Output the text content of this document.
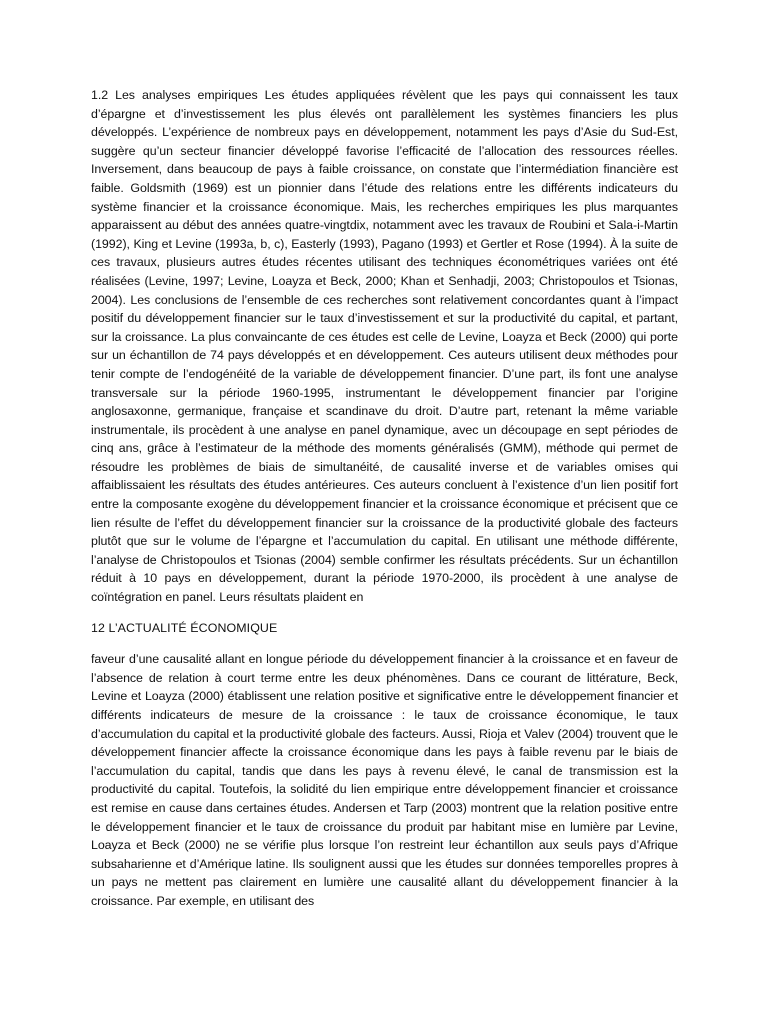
1.2 Les analyses empiriques Les études appliquées révèlent que les pays qui connaissent les taux d’épargne et d’investissement les plus élevés ont parallèlement les systèmes financiers les plus développés. L’expérience de nombreux pays en développement, notamment les pays d’Asie du Sud-Est, suggère qu’un secteur financier développé favorise l’efficacité de l’allocation des ressources réelles. Inversement, dans beaucoup de pays à faible croissance, on constate que l’intermédiation financière est faible. Goldsmith (1969) est un pionnier dans l’étude des relations entre les différents indicateurs du système financier et la croissance économique. Mais, les recherches empiriques les plus marquantes apparaissent au début des années quatre-vingtdix, notamment avec les travaux de Roubini et Sala-i-Martin (1992), King et Levine (1993a, b, c), Easterly (1993), Pagano (1993) et Gertler et Rose (1994). À la suite de ces travaux, plusieurs autres études récentes utilisant des techniques économétriques variées ont été réalisées (Levine, 1997; Levine, Loayza et Beck, 2000; Khan et Senhadji, 2003; Christopoulos et Tsionas, 2004). Les conclusions de l’ensemble de ces recherches sont relativement concordantes quant à l’impact positif du développement financier sur le taux d’investissement et sur la productivité du capital, et partant, sur la croissance. La plus convaincante de ces études est celle de Levine, Loayza et Beck (2000) qui porte sur un échantillon de 74 pays développés et en développement. Ces auteurs utilisent deux méthodes pour tenir compte de l’endogénéité de la variable de développement financier. D’une part, ils font une analyse transversale sur la période 1960-1995, instrumentant le développement financier par l’origine anglosaxonne, germanique, française et scandinave du droit. D’autre part, retenant la même variable instrumentale, ils procèdent à une analyse en panel dynamique, avec un découpage en sept périodes de cinq ans, grâce à l’estimateur de la méthode des moments généralisés (GMM), méthode qui permet de résoudre les problèmes de biais de simultanéité, de causalité inverse et de variables omises qui affaiblissaient les résultats des études antérieures. Ces auteurs concluent à l’existence d’un lien positif fort entre la composante exogène du développement financier et la croissance économique et précisent que ce lien résulte de l’effet du développement financier sur la croissance de la productivité globale des facteurs plutôt que sur le volume de l’épargne et l’accumulation du capital. En utilisant une méthode différente, l’analyse de Christopoulos et Tsionas (2004) semble confirmer les résultats précédents. Sur un échantillon réduit à 10 pays en développement, durant la période 1970-2000, ils procèdent à une analyse de coïntégration en panel. Leurs résultats plaident en

12 L’ACTUALITÉ ÉCONOMIQUE

faveur d’une causalité allant en longue période du développement financier à la croissance et en faveur de l’absence de relation à court terme entre les deux phénomènes. Dans ce courant de littérature, Beck, Levine et Loayza (2000) établissent une relation positive et significative entre le développement financier et différents indicateurs de mesure de la croissance : le taux de croissance économique, le taux d’accumulation du capital et la productivité globale des facteurs. Aussi, Rioja et Valev (2004) trouvent que le développement financier affecte la croissance économique dans les pays à faible revenu par le biais de l’accumulation du capital, tandis que dans les pays à revenu élevé, le canal de transmission est la productivité du capital. Toutefois, la solidité du lien empirique entre développement financier et croissance est remise en cause dans certaines études. Andersen et Tarp (2003) montrent que la relation positive entre le développement financier et le taux de croissance du produit par habitant mise en lumière par Levine, Loayza et Beck (2000) ne se vérifie plus lorsque l’on restreint leur échantillon aux seuls pays d’Afrique subsaharienne et d’Amérique latine. Ils soulignent aussi que les études sur données temporelles propres à un pays ne mettent pas clairement en lumière une causalité allant du développement financier à la croissance. Par exemple, en utilisant des
